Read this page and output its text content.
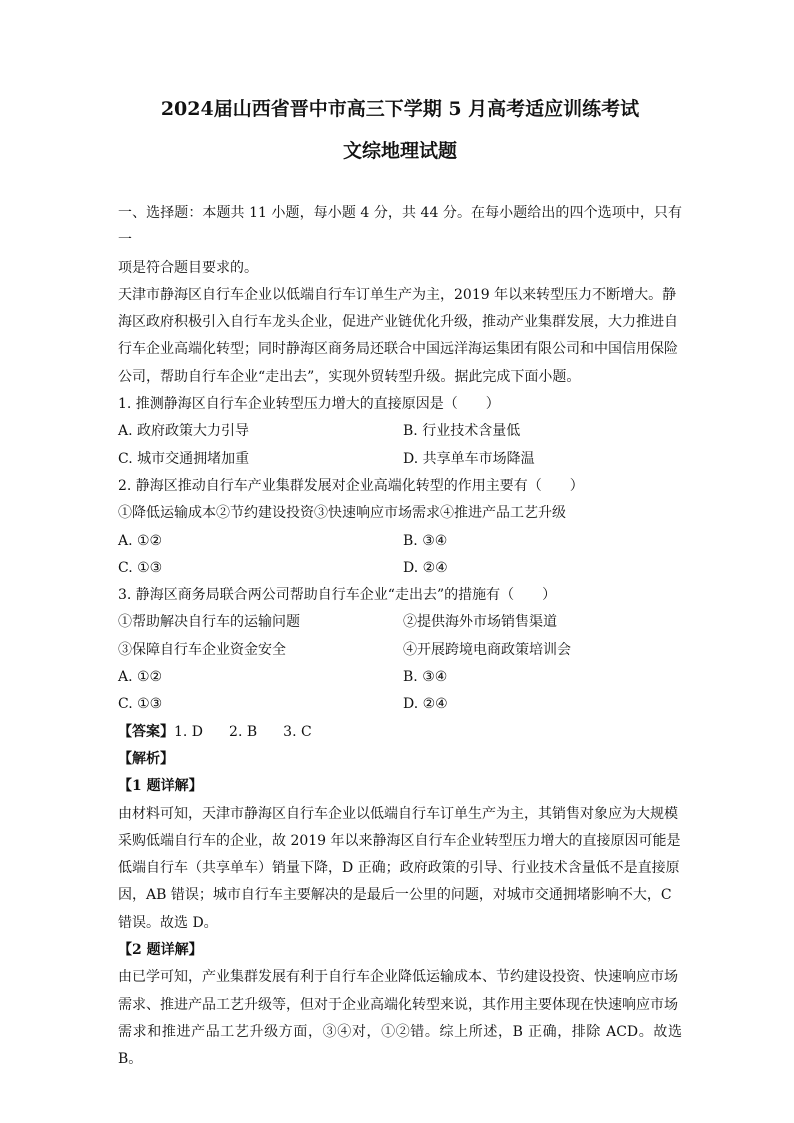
2024届山西省晋中市高三下学期 5 月高考适应训练考试
文综地理试题

一、选择题：本题共 11 小题，每小题 4 分，共 44 分。在每小题给出的四个选项中，只有一

项是符合题目要求的。

天津市静海区自行车企业以低端自行车订单生产为主，2019 年以来转型压力不断增大。静

海区政府积极引入自行车龙头企业，促进产业链优化升级，推动产业集群发展，大力推进自

行车企业高端化转型；同时静海区商务局还联合中国远洋海运集团有限公司和中国信用保险

公司，帮助自行车企业“走出去”，实现外贸转型升级。据此完成下面小题。

1. 推测静海区自行车企业转型压力增大的直接原因是（　　）

A. 政府政策大力引导	B. 行业技术含量低
C. 城市交通拥堵加重	D. 共享单车市场降温

2. 静海区推动自行车产业集群发展对企业高端化转型的作用主要有（　　）

①降低运输成本②节约建设投资③快速响应市场需求④推进产品工艺升级

A. ①②	B. ③④
C. ①③	D. ②④

3. 静海区商务局联合两公司帮助自行车企业“走出去”的措施有（　　）

①帮助解决自行车的运输问题	②提供海外市场销售渠道
③保障自行车企业资金安全	④开展跨境电商政策培训会
A. ①②	B. ③④
C. ①③	D. ②④

【答案】1. D 2. B 3. C

【解析】

【1 题详解】

由材料可知，天津市静海区自行车企业以低端自行车订单生产为主，其销售对象应为大规模

采购低端自行车的企业，故 2019 年以来静海区自行车企业转型压力增大的直接原因可能是

低端自行车（共享单车）销量下降，D 正确；政府政策的引导、行业技术含量低不是直接原

因，AB 错误；城市自行车主要解决的是最后一公里的问题，对城市交通拥堵影响不大，C

错误。故选 D。

【2 题详解】

由已学可知，产业集群发展有利于自行车企业降低运输成本、节约建设投资、快速响应市场

需求、推进产品工艺升级等，但对于企业高端化转型来说，其作用主要体现在快速响应市场

需求和推进产品工艺升级方面，③④对，①②错。综上所述，B 正确，排除 ACD。故选 B。
